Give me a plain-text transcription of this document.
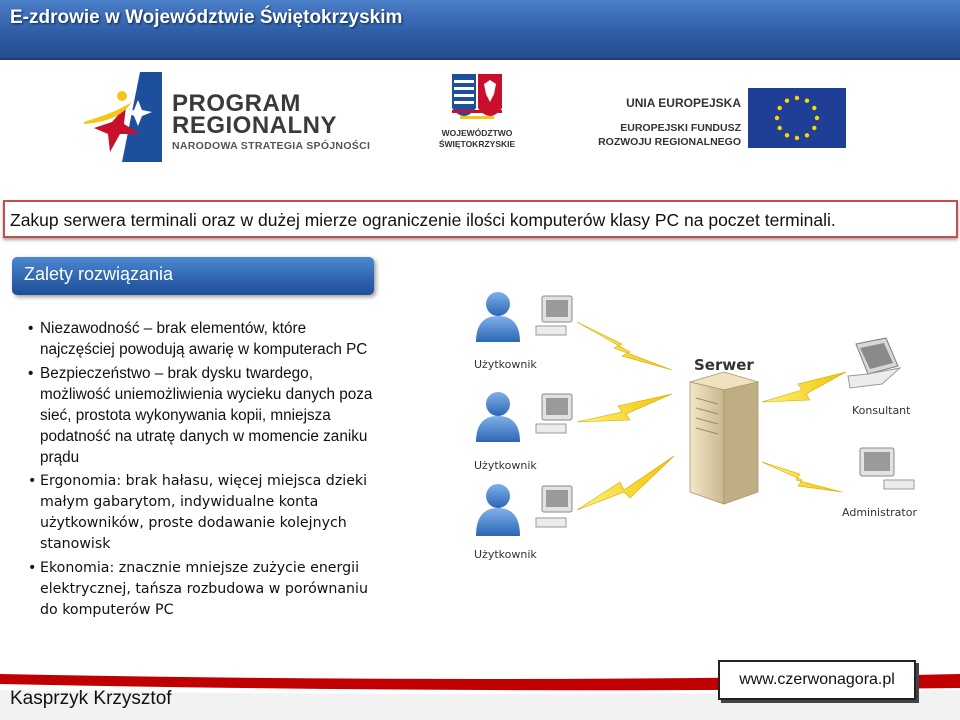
E-zdrowie w Województwie Świętokrzyskim
PROGRAM
REGIONALNY
NARODOWA STRATEGIA SPÓJNOŚCI
WOJEWÓDZTWO
ŚWIĘTOKRZYSKIE
UNIA EUROPEJSKA
EUROPEJSKI FUNDUSZ
ROZWOJU REGIONALNEGO
Zakup serwera terminali oraz w dużej mierze ograniczenie ilości komputerów klasy PC na poczet terminali.
Zalety rozwiązania
• Niezawodność – brak elementów, które najczęściej powodują awarię w komputerach PC
• Bezpieczeństwo – brak dysku twardego, możliwość uniemożliwienia wycieku danych poza sieć, prostota wykonywania kopii, mniejsza podatność na utratę danych w momencie zaniku prądu
• Ergonomia: brak hałasu, więcej miejsca dzieki małym gabarytom, indywidualne konta użytkowników, proste dodawanie kolejnych stanowisk
• Ekonomia: znacznie mniejsze zużycie energii elektrycznej, tańsza rozbudowa w porównaniu do komputerów PC
Użytkownik
Użytkownik
Użytkownik
Serwer
Konsultant
Administrator
Kasprzyk Krzysztof
www.czerwonagora.pl
